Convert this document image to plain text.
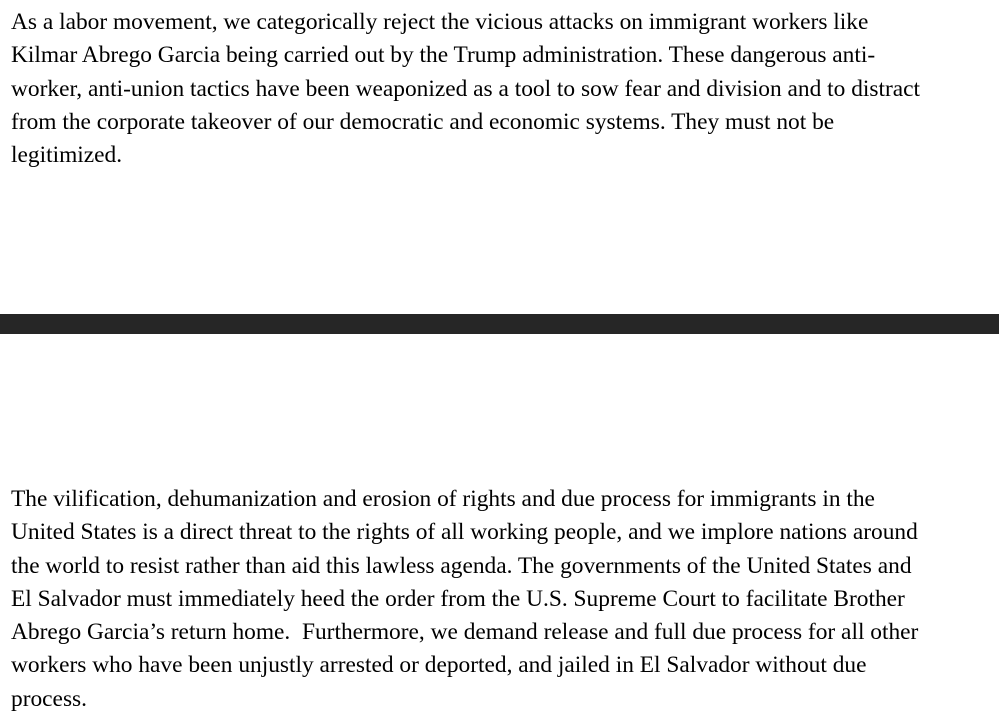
As a labor movement, we categorically reject the vicious attacks on immigrant workers like
Kilmar Abrego Garcia being carried out by the Trump administration. These dangerous anti-
worker, anti-union tactics have been weaponized as a tool to sow fear and division and to distract
from the corporate takeover of our democratic and economic systems. They must not be
legitimized.
The vilification, dehumanization and erosion of rights and due process for immigrants in the
United States is a direct threat to the rights of all working people, and we implore nations around
the world to resist rather than aid this lawless agenda. The governments of the United States and
El Salvador must immediately heed the order from the U.S. Supreme Court to facilitate Brother
Abrego Garcia’s return home.  Furthermore, we demand release and full due process for all other
workers who have been unjustly arrested or deported, and jailed in El Salvador without due
process.
